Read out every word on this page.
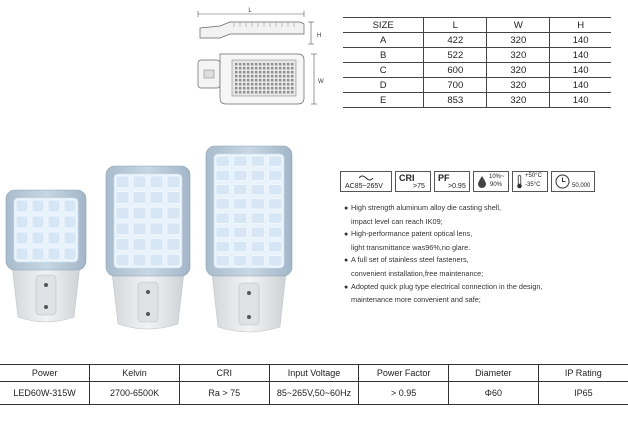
L
H
W
SIZE	L	W	H
A	422	320	140
B	522	320	140
C	600	320	140
D	700	320	140
E	853	320	140
AC85~265V
CRI
>75
PF
>0.95
10%~
90%
+50°C
-35°C	50,000
● High strength aluminum alloy die casting shell,
impact level can reach IK09;
● High-performance patent optical lens,
light transmittance was96%,no glare.
● A full set of stainless steel fasteners,
convenient installation,free maintenance;
● Adopted quick plug type electrical connection in the design,
maintenance more convenient and safe;
Power	Kelvin	CRI	Input Voltage	Power Factor	Diameter	IP Rating
LED60W-315W	2700-6500K	Ra > 75	85~265V,50~60Hz	> 0.95	Φ60	IP65
